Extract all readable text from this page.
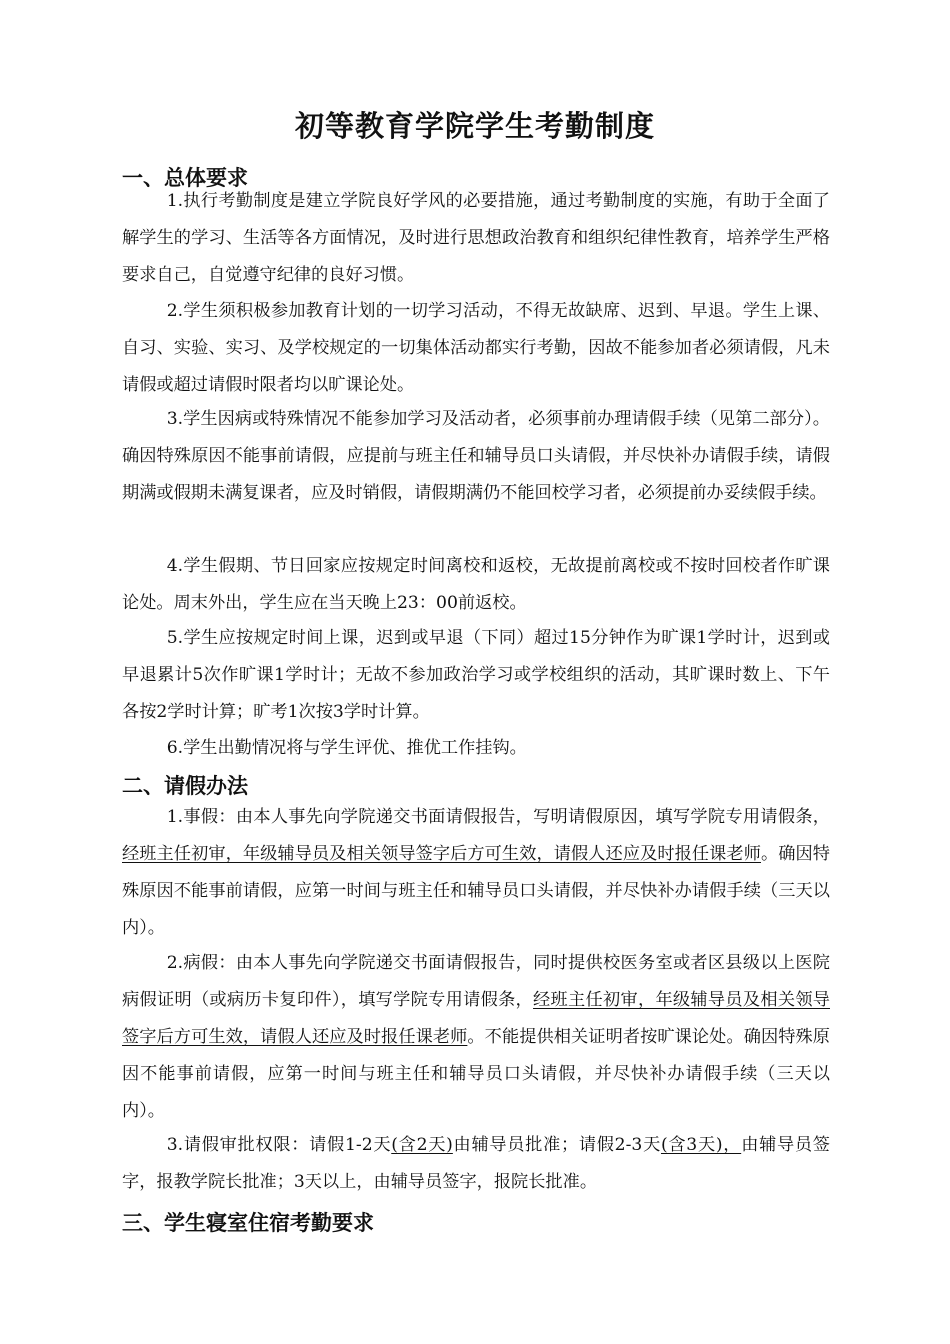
初等教育学院学生考勤制度
一、总体要求

1.执行考勤制度是建立学院良好学风的必要措施，通过考勤制度的实施，有助于全面了解学生的学习、生活等各方面情况，及时进行思想政治教育和组织纪律性教育，培养学生严格要求自己，自觉遵守纪律的良好习惯。

2.学生须积极参加教育计划的一切学习活动，不得无故缺席、迟到、早退。学生上课、自习、实验、实习、及学校规定的一切集体活动都实行考勤，因故不能参加者必须请假，凡未请假或超过请假时限者均以旷课论处。

3.学生因病或特殊情况不能参加学习及活动者，必须事前办理请假手续（见第二部分）。确因特殊原因不能事前请假，应提前与班主任和辅导员口头请假，并尽快补办请假手续，请假期满或假期未满复课者，应及时销假，请假期满仍不能回校学习者，必须提前办妥续假手续。

4.学生假期、节日回家应按规定时间离校和返校，无故提前离校或不按时回校者作旷课论处。周末外出，学生应在当天晚上23：00前返校。

5.学生应按规定时间上课，迟到或早退（下同）超过15分钟作为旷课1学时计，迟到或早退累计5次作旷课1学时计；无故不参加政治学习或学校组织的活动，其旷课时数上、下午各按2学时计算；旷考1次按3学时计算。

6.学生出勤情况将与学生评优、推优工作挂钩。

二、请假办法

1.事假：由本人事先向学院递交书面请假报告，写明请假原因，填写学院专用请假条，经班主任初审，年级辅导员及相关领导签字后方可生效，请假人还应及时报任课老师。确因特殊原因不能事前请假，应第一时间与班主任和辅导员口头请假，并尽快补办请假手续（三天以内）。

2.病假：由本人事先向学院递交书面请假报告，同时提供校医务室或者区县级以上医院病假证明（或病历卡复印件），填写学院专用请假条，经班主任初审，年级辅导员及相关领导签字后方可生效，请假人还应及时报任课老师。不能提供相关证明者按旷课论处。确因特殊原因不能事前请假，应第一时间与班主任和辅导员口头请假，并尽快补办请假手续（三天以内）。

3.请假审批权限：请假1-2天(含2天)由辅导员批准；请假2-3天(含3天)，由辅导员签字，报教学院长批准；3天以上，由辅导员签字，报院长批准。

三、学生寝室住宿考勤要求
